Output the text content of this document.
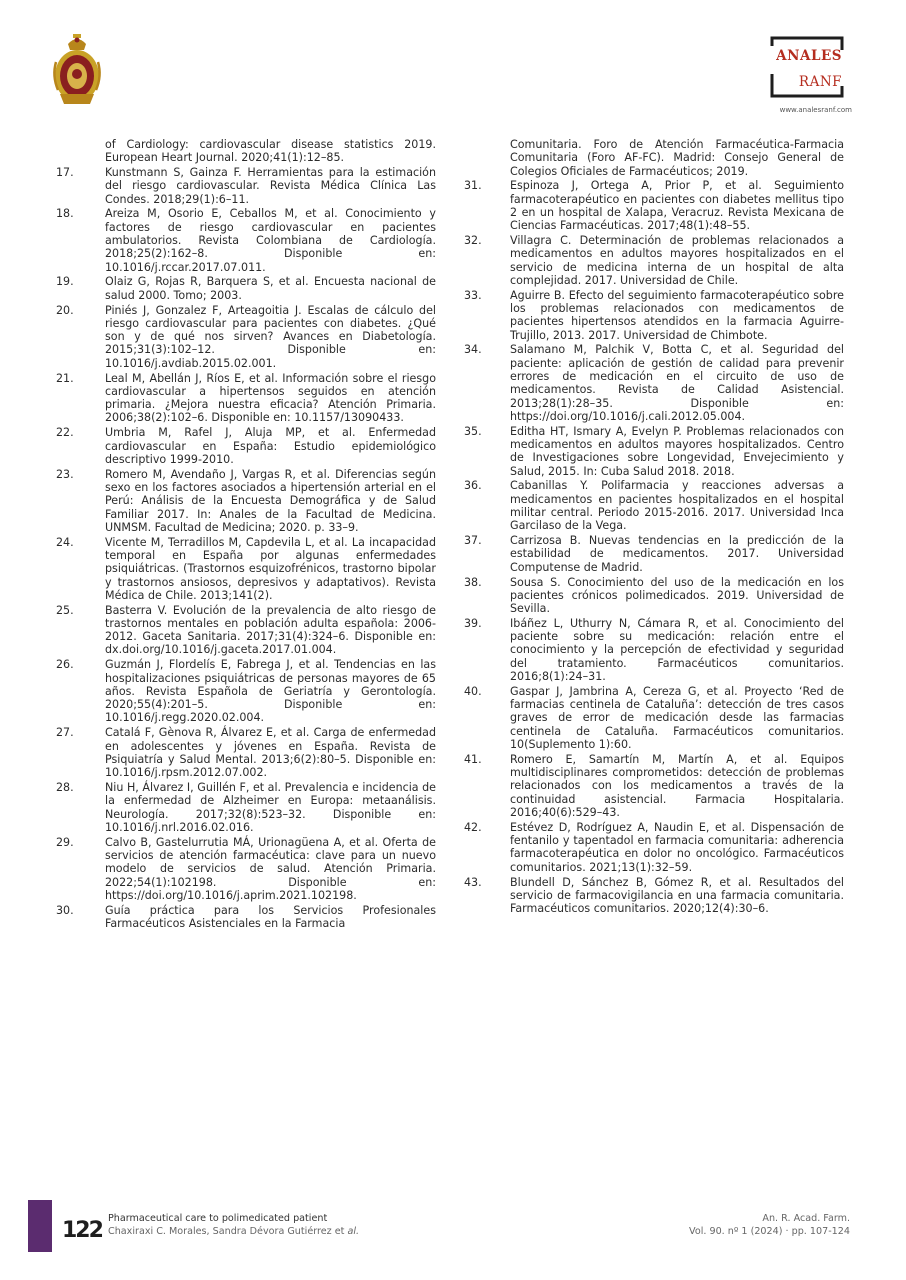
ANALES
RANF
www.analesranf.com
of Cardiology: cardiovascular disease statistics 2019. European Heart Journal. 2020;41(1):12–85.
17.	Kunstmann S, Gainza F. Herramientas para la estimación del riesgo cardiovascular. Revista Médica Clínica Las Condes. 2018;29(1):6–11.
18.	Areiza M, Osorio E, Ceballos M, et al. Conocimiento y factores de riesgo cardiovascular en pacientes ambulatorios. Revista Colombiana de Cardiología. 2018;25(2):162–8. Disponible en: 10.1016/j.rccar.2017.07.011.
19.	Olaiz G, Rojas R, Barquera S, et al. Encuesta nacional de salud 2000. Tomo; 2003.
20.	Piniés J, Gonzalez F, Arteagoitia J. Escalas de cálculo del riesgo cardiovascular para pacientes con diabetes. ¿Qué son y de qué nos sirven? Avances en Diabetología. 2015;31(3):102–12. Disponible en: 10.1016/j.avdiab.2015.02.001.
21.	Leal M, Abellán J, Ríos E, et al. Información sobre el riesgo cardiovascular a hipertensos seguidos en atención primaria. ¿Mejora nuestra eficacia? Atención Primaria. 2006;38(2):102–6. Disponible en: 10.1157/13090433.
22.	Umbria M, Rafel J, Aluja MP, et al. Enfermedad cardiovascular en España: Estudio epidemiológico descriptivo 1999-2010.
23.	Romero M, Avendaño J, Vargas R, et al. Diferencias según sexo en los factores asociados a hipertensión arterial en el Perú: Análisis de la Encuesta Demográfica y de Salud Familiar 2017. In: Anales de la Facultad de Medicina. UNMSM. Facultad de Medicina; 2020. p. 33–9.
24.	Vicente M, Terradillos M, Capdevila L, et al. La incapacidad temporal en España por algunas enfermedades psiquiátricas. (Trastornos esquizofrénicos, trastorno bipolar y trastornos ansiosos, depresivos y adaptativos). Revista Médica de Chile. 2013;141(2).
25.	Basterra V. Evolución de la prevalencia de alto riesgo de trastornos mentales en población adulta española: 2006-2012. Gaceta Sanitaria. 2017;31(4):324–6. Disponible en: dx.doi.org/10.1016/j.gaceta.2017.01.004.
26.	Guzmán J, Flordelís E, Fabrega J, et al. Tendencias en las hospitalizaciones psiquiátricas de personas mayores de 65 años. Revista Española de Geriatría y Gerontología. 2020;55(4):201–5. Disponible en: 10.1016/j.regg.2020.02.004.
27.	Catalá F, Gènova R, Álvarez E, et al. Carga de enfermedad en adolescentes y jóvenes en España. Revista de Psiquiatría y Salud Mental. 2013;6(2):80–5. Disponible en: 10.1016/j.rpsm.2012.07.002.
28.	Niu H, Álvarez I, Guillén F, et al. Prevalencia e incidencia de la enfermedad de Alzheimer en Europa: metaanálisis. Neurología. 2017;32(8):523–32. Disponible en: 10.1016/j.nrl.2016.02.016.
29.	Calvo B, Gastelurrutia MÁ, Urionagüena A, et al. Oferta de servicios de atención farmacéutica: clave para un nuevo modelo de servicios de salud. Atención Primaria. 2022;54(1):102198. Disponible en: https://doi.org/10.1016/j.aprim.2021.102198.
30.	Guía práctica para los Servicios Profesionales Farmacéuticos Asistenciales en la Farmacia
Comunitaria. Foro de Atención Farmacéutica-Farmacia Comunitaria (Foro AF-FC). Madrid: Consejo General de Colegios Oficiales de Farmacéuticos; 2019.
31.	Espinoza J, Ortega A, Prior P, et al. Seguimiento farmacoterapéutico en pacientes con diabetes mellitus tipo 2 en un hospital de Xalapa, Veracruz. Revista Mexicana de Ciencias Farmacéuticas. 2017;48(1):48–55.
32.	Villagra C. Determinación de problemas relacionados a medicamentos en adultos mayores hospitalizados en el servicio de medicina interna de un hospital de alta complejidad. 2017. Universidad de Chile.
33.	Aguirre B. Efecto del seguimiento farmacoterapéutico sobre los problemas relacionados con medicamentos de pacientes hipertensos atendidos en la farmacia Aguirre-Trujillo, 2013. 2017. Universidad de Chimbote.
34.	Salamano M, Palchik V, Botta C, et al. Seguridad del paciente: aplicación de gestión de calidad para prevenir errores de medicación en el circuito de uso de medicamentos. Revista de Calidad Asistencial. 2013;28(1):28–35. Disponible en: https://doi.org/10.1016/j.cali.2012.05.004.
35.	Editha HT, Ismary A, Evelyn P. Problemas relacionados con medicamentos en adultos mayores hospitalizados. Centro de Investigaciones sobre Longevidad, Envejecimiento y Salud, 2015. In: Cuba Salud 2018. 2018.
36.	Cabanillas Y. Polifarmacia y reacciones adversas a medicamentos en pacientes hospitalizados en el hospital militar central. Periodo 2015-2016. 2017. Universidad Inca Garcilaso de la Vega.
37.	Carrizosa B. Nuevas tendencias en la predicción de la estabilidad de medicamentos. 2017. Universidad Computense de Madrid.
38.	Sousa S. Conocimiento del uso de la medicación en los pacientes crónicos polimedicados. 2019. Universidad de Sevilla.
39.	Ibáñez L, Uthurry N, Cámara R, et al. Conocimiento del paciente sobre su medicación: relación entre el conocimiento y la percepción de efectividad y seguridad del tratamiento. Farmacéuticos comunitarios. 2016;8(1):24–31.
40.	Gaspar J, Jambrina A, Cereza G, et al. Proyecto ‘Red de farmacias centinela de Cataluña’: detección de tres casos graves de error de medicación desde las farmacias centinela de Cataluña. Farmacéuticos comunitarios. 10(Suplemento 1):60.
41.	Romero E, Samartín M, Martín A, et al. Equipos multidisciplinares comprometidos: detección de problemas relacionados con los medicamentos a través de la continuidad asistencial. Farmacia Hospitalaria. 2016;40(6):529–43.
42.	Estévez D, Rodríguez A, Naudin E, et al. Dispensación de fentanilo y tapentadol en farmacia comunitaria: adherencia farmacoterapéutica en dolor no oncológico. Farmacéuticos comunitarios. 2021;13(1):32–59.
43.	Blundell D, Sánchez B, Gómez R, et al. Resultados del servicio de farmacovigilancia en una farmacia comunitaria. Farmacéuticos comunitarios. 2020;12(4):30–6.
122 Pharmaceutical care to polimedicated patient
Chaxiraxi C. Morales, Sandra Dévora Gutiérrez et al.
An. R. Acad. Farm.
Vol. 90. nº 1 (2024) · pp. 107-124
